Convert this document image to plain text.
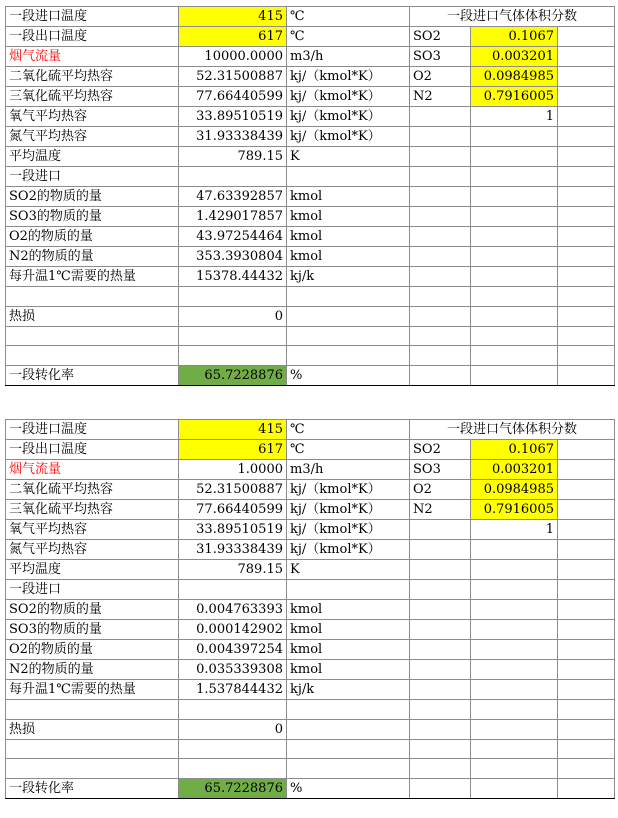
一段进口温度	415	℃	一段进口气体体积分数		
一段出口温度	617	℃	SO2	0.1067	
烟气流量	10000.0000	m3/h	SO3	0.003201	
二氧化硫平均热容	52.31500887	kj/（kmol*K）	O2	0.0984985	
三氧化硫平均热容	77.66440599	kj/（kmol*K）	N2	0.7916005	
氧气平均热容	33.89510519	kj/（kmol*K）		1	
氮气平均热容	31.93338439	kj/（kmol*K）			
平均温度	789.15	K			
一段进口					
SO2的物质的量	47.63392857	kmol			
SO3的物质的量	1.429017857	kmol			
O2的物质的量	43.97254464	kmol			
N2的物质的量	353.3930804	kmol			
每升温1℃需要的热量	15378.44432	kj/k			

热损	0				

一段转化率	65.7228876	%			
一段进口温度	415	℃	一段进口气体体积分数		
一段出口温度	617	℃	SO2	0.1067	
烟气流量	1.0000	m3/h	SO3	0.003201	
二氧化硫平均热容	52.31500887	kj/（kmol*K）	O2	0.0984985	
三氧化硫平均热容	77.66440599	kj/（kmol*K）	N2	0.7916005	
氧气平均热容	33.89510519	kj/（kmol*K）		1	
氮气平均热容	31.93338439	kj/（kmol*K）			
平均温度	789.15	K			
一段进口					
SO2的物质的量	0.004763393	kmol			
SO3的物质的量	0.000142902	kmol			
O2的物质的量	0.004397254	kmol			
N2的物质的量	0.035339308	kmol			
每升温1℃需要的热量	1.537844432	kj/k			

热损	0				

一段转化率	65.7228876	%			
